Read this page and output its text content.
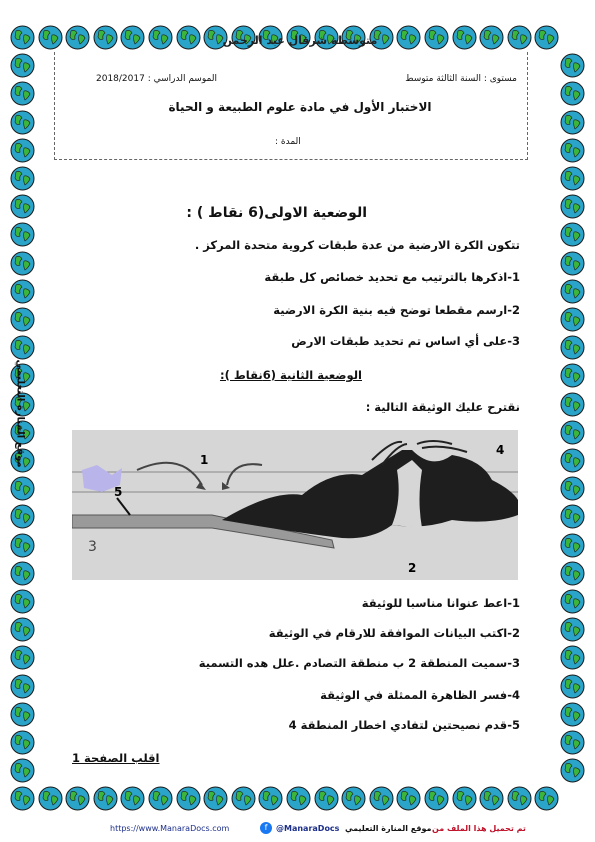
متوسطة شرقال عبد الرحمن
مستوى : السنة الثالثة متوسط
الموسم الدراسي : 2018/2017
الاختبار الأول في مادة علوم الطبيعة و الحياة
المدة :
موقع المنارة التعليمي
الوضعية الاولى(6 نقاط ) :
تتكون الكرة الارضية من عدة طبقات كروية متحدة المركز .
1-اذكرها بالترتيب مع تحديد خصائص كل طبقة
2-ارسم مقطعا توضح فيه بنية الكرة الارضية
3-على أي اساس تم تحديد طبقات الارض
الوضعية الثانية (6نقاط ):
نقترح عليك الوثيقة التالية :
1
2
3
4
5
1-اعط عنوانا مناسبا للوثيقة
2-اكتب البيانات الموافقة للارقام في الوثيقة
3-سميت المنطقة 2 ب منطقة التصادم .علل هده التسمية
4-فسر الظاهرة الممثلة في الوثيقة
5-قدم نصيحتين لتفادي اخطار المنطقة 4
اقلب الصفحة 1
https://www.ManaraDocs.com	f	@ManaraDocs موقع المنارة التعليمي تم تحميل هذا الملف من
